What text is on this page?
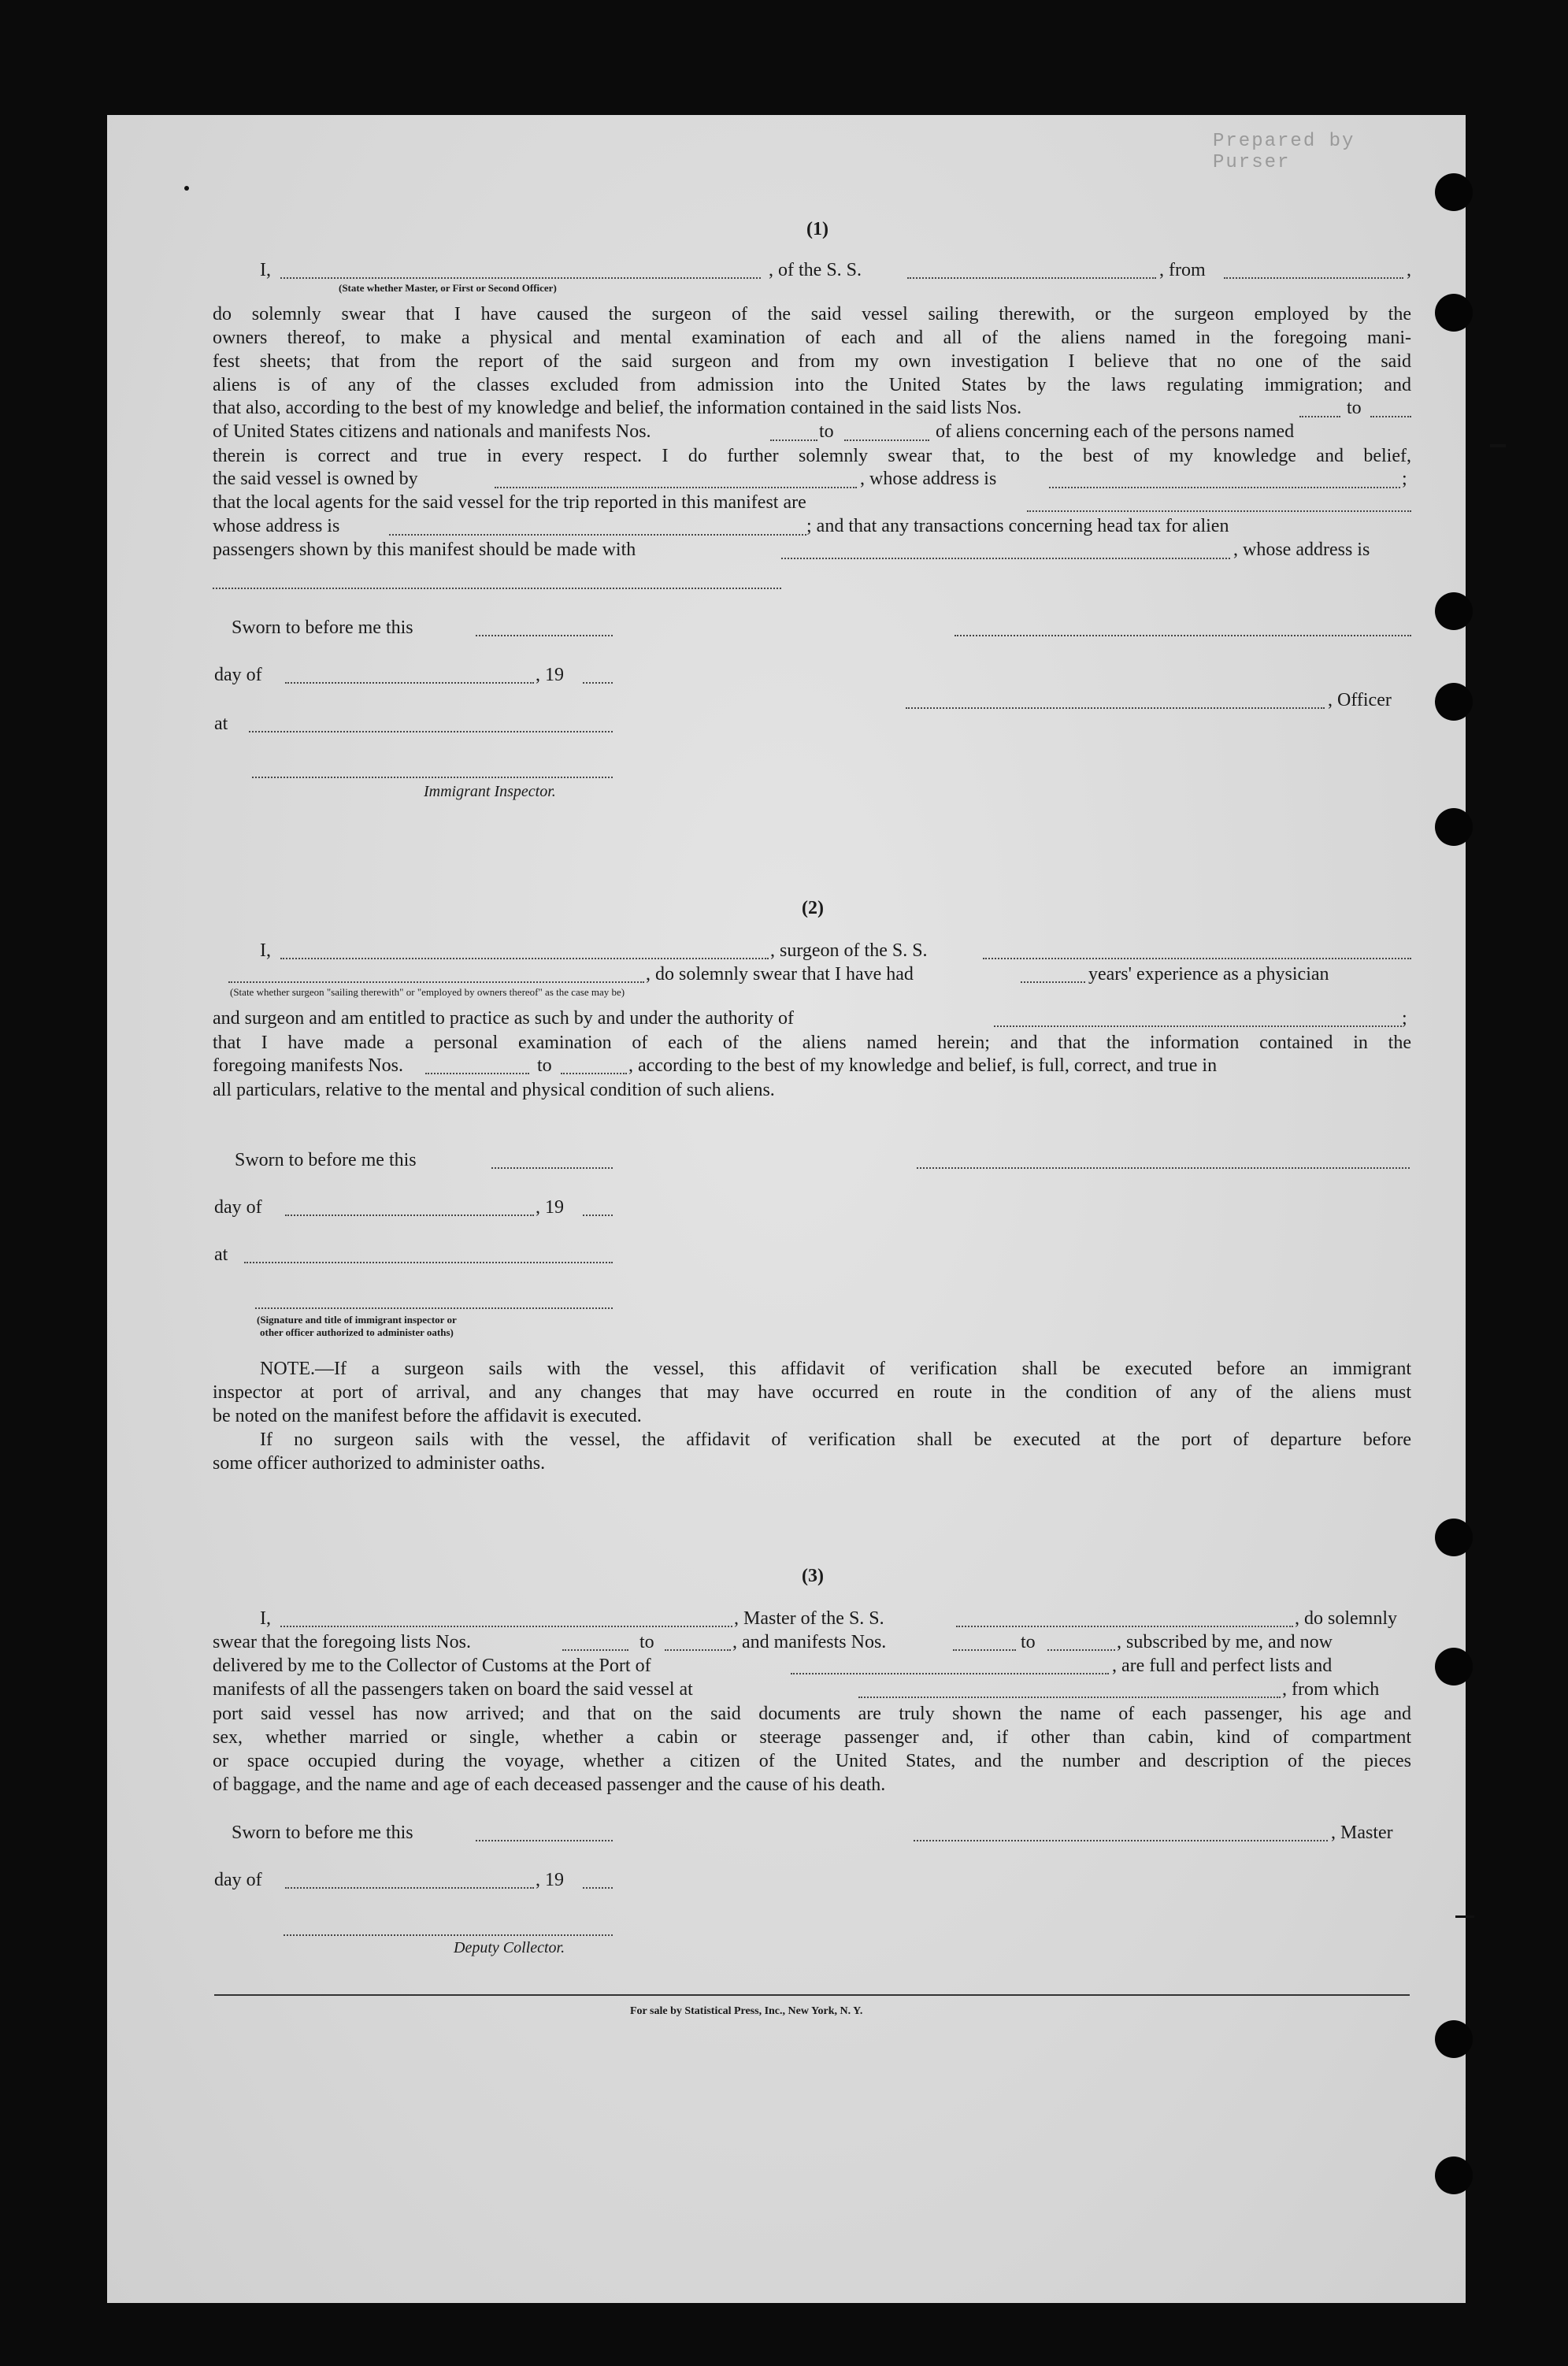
Prepared by Purser
(1)
I,	, of the S. S.	, from	,
(State whether Master, or First or Second Officer)
do solemnly swear that I have caused the surgeon of the said vessel sailing therewith, or the surgeon employed by the
owners thereof, to make a physical and mental examination of each and all of the aliens named in the foregoing mani-
fest sheets; that from the report of the said surgeon and from my own investigation I believe that no one of the said
aliens is of any of the classes excluded from admission into the United States by the laws regulating immigration; and
that also, according to the best of my knowledge and belief, the information contained in the said lists Nos.	to
of United States citizens and nationals and manifests Nos.	to	of aliens concerning each of the persons named
therein is correct and true in every respect. I do further solemnly swear that, to the best of my knowledge and belief,
the said vessel is owned by	, whose address is	;
that the local agents for the said vessel for the trip reported in this manifest are
whose address is	; and that any transactions concerning head tax for alien
passengers shown by this manifest should be made with	, whose address is
Sworn to before me this
day of	, 19
at
Immigrant Inspector.
, Officer
(2)
I,	, surgeon of the S. S.
, do solemnly swear that I have had	years' experience as a physician
(State whether surgeon "sailing therewith" or "employed by owners thereof" as the case may be)
and surgeon and am entitled to practice as such by and under the authority of	;
that I have made a personal examination of each of the aliens named herein; and that the information contained in the
foregoing manifests Nos.	to	, according to the best of my knowledge and belief, is full, correct, and true in
all particulars, relative to the mental and physical condition of such aliens.
Sworn to before me this
day of	, 19
at
(Signature and title of immigrant inspector or
other officer authorized to administer oaths)
NOTE.—If a surgeon sails with the vessel, this affidavit of verification shall be executed before an immigrant
inspector at port of arrival, and any changes that may have occurred en route in the condition of any of the aliens must
be noted on the manifest before the affidavit is executed.
If no surgeon sails with the vessel, the affidavit of verification shall be executed at the port of departure before
some officer authorized to administer oaths.
(3)
I,	, Master of the S. S.	, do solemnly
swear that the foregoing lists Nos.	to	, and manifests Nos.	to	, subscribed by me, and now
delivered by me to the Collector of Customs at the Port of	, are full and perfect lists and
manifests of all the passengers taken on board the said vessel at	, from which
port said vessel has now arrived; and that on the said documents are truly shown the name of each passenger, his age and
sex, whether married or single, whether a cabin or steerage passenger and, if other than cabin, kind of compartment
or space occupied during the voyage, whether a citizen of the United States, and the number and description of the pieces
of baggage, and the name and age of each deceased passenger and the cause of his death.
Sworn to before me this	, Master
day of	, 19
Deputy Collector.
For sale by Statistical Press, Inc., New York, N. Y.
